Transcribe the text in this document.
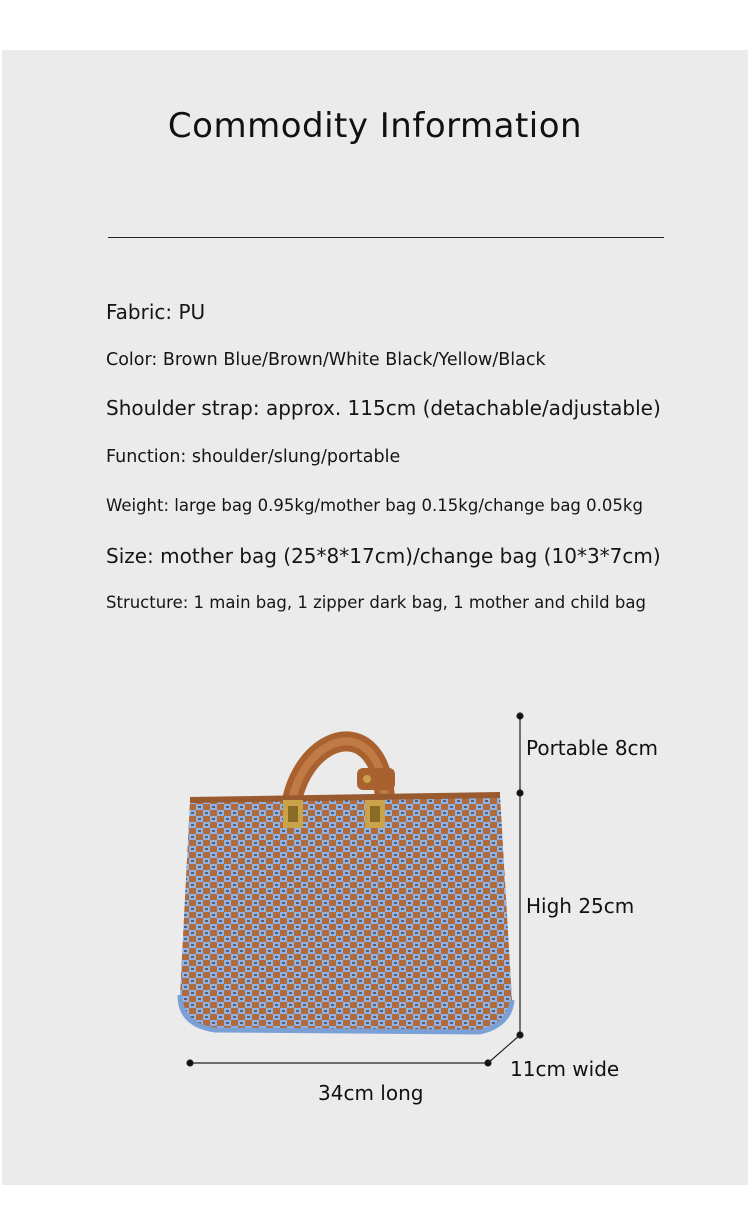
Commodity Information
Fabric: PU
Color: Brown Blue/Brown/White Black/Yellow/Black
Shoulder strap: approx. 115cm (detachable/adjustable)
Function: shoulder/slung/portable
Weight: large bag 0.95kg/mother bag 0.15kg/change bag 0.05kg
Size: mother bag (25*8*17cm)/change bag (10*3*7cm)
Structure: 1 main bag, 1 zipper dark bag, 1 mother and child bag
Portable 8cm
High 25cm
11cm wide
34cm long
